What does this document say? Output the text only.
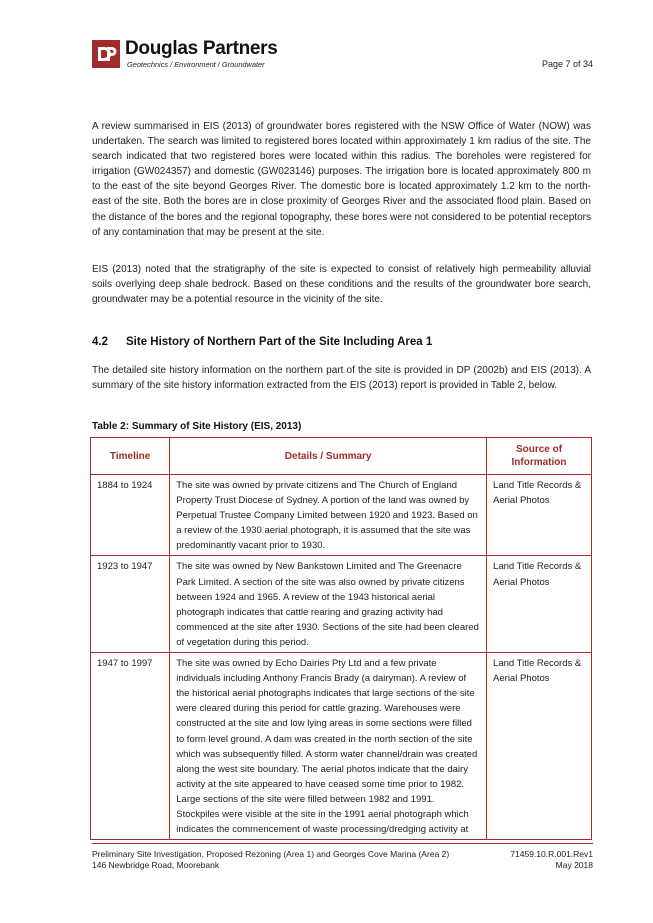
Douglas Partners
Geotechnics / Environment / Groundwater	Page 7 of 34

A review summarised in EIS (2013) of groundwater bores registered with the NSW Office of Water (NOW) was undertaken. The search was limited to registered bores located within approximately 1 km radius of the site. The search indicated that two registered bores were located within this radius. The boreholes were registered for irrigation (GW024357) and domestic (GW023146) purposes. The irrigation bore is located approximately 800 m to the east of the site beyond Georges River. The domestic bore is located approximately 1.2 km to the north-east of the site. Both the bores are in close proximity of Georges River and the associated flood plain. Based on the distance of the bores and the regional topography, these bores were not considered to be potential receptors of any contamination that may be present at the site.

EIS (2013) noted that the stratigraphy of the site is expected to consist of relatively high permeability alluvial soils overlying deep shale bedrock. Based on these conditions and the results of the groundwater bore search, groundwater may be a potential resource in the vicinity of the site.

4.2 Site History of Northern Part of the Site Including Area 1

The detailed site history information on the northern part of the site is provided in DP (2002b) and EIS (2013). A summary of the site history information extracted from the EIS (2013) report is provided in Table 2, below.

Table 2: Summary of Site History (EIS, 2013)
Timeline	Details / Summary	Source of Information
1884 to 1924	The site was owned by private citizens and The Church of England Property Trust Diocese of Sydney. A portion of the land was owned by Perpetual Trustee Company Limited between 1920 and 1923. Based on a review of the 1930 aerial photograph, it is assumed that the site was predominantly vacant prior to 1930.	Land Title Records & Aerial Photos
1923 to 1947	The site was owned by New Bankstown Limited and The Greenacre Park Limited. A section of the site was also owned by private citizens between 1924 and 1965. A review of the 1943 historical aerial photograph indicates that cattle rearing and grazing activity had commenced at the site after 1930. Sections of the site had been cleared of vegetation during this period.	Land Title Records & Aerial Photos
1947 to 1997	The site was owned by Echo Dairies Pty Ltd and a few private individuals including Anthony Francis Brady (a dairyman). A review of the historical aerial photographs indicates that large sections of the site were cleared during this period for cattle grazing. Warehouses were constructed at the site and low lying areas in some sections were filled to form level ground. A dam was created in the north section of the site which was subsequently filled. A storm water channel/drain was created along the west site boundary. The aerial photos indicate that the dairy activity at the site appeared to have ceased some time prior to 1982. Large sections of the site were filled between 1982 and 1991. Stockpiles were visible at the site in the 1991 aerial photograph which indicates the commencement of waste processing/dredging activity at	Land Title Records & Aerial Photos
Preliminary Site Investigation, Proposed Rezoning (Area 1) and Georges Cove Marina (Area 2)
146 Newbridge Road, Moorebank
71459.10.R.001.Rev1
May 2018
